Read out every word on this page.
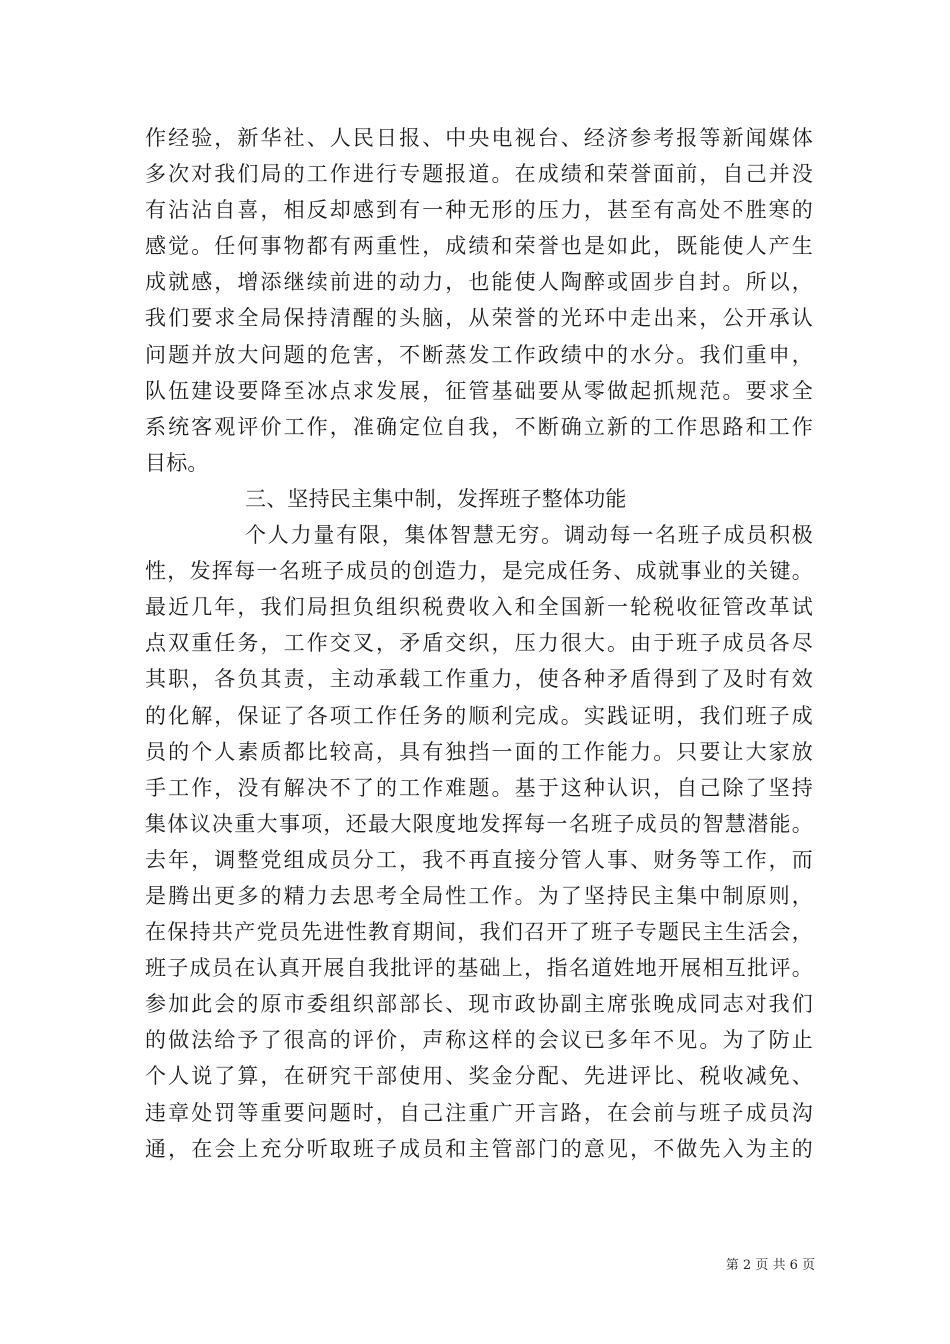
作经验，新华社、人民日报、中央电视台、经济参考报等新闻媒体
多次对我们局的工作进行专题报道。在成绩和荣誉面前，自己并没
有沾沾自喜，相反却感到有一种无形的压力，甚至有高处不胜寒的
感觉。任何事物都有两重性，成绩和荣誉也是如此，既能使人产生
成就感，增添继续前进的动力，也能使人陶醉或固步自封。所以，
我们要求全局保持清醒的头脑，从荣誉的光环中走出来，公开承认
问题并放大问题的危害，不断蒸发工作政绩中的水分。我们重申，
队伍建设要降至冰点求发展，征管基础要从零做起抓规范。要求全
系统客观评价工作，准确定位自我，不断确立新的工作思路和工作
目标。
三、坚持民主集中制，发挥班子整体功能
个人力量有限，集体智慧无穷。调动每一名班子成员积极
性，发挥每一名班子成员的创造力，是完成任务、成就事业的关键。
最近几年，我们局担负组织税费收入和全国新一轮税收征管改革试
点双重任务，工作交叉，矛盾交织，压力很大。由于班子成员各尽
其职，各负其责，主动承载工作重力，使各种矛盾得到了及时有效
的化解，保证了各项工作任务的顺利完成。实践证明，我们班子成
员的个人素质都比较高，具有独挡一面的工作能力。只要让大家放
手工作，没有解决不了的工作难题。基于这种认识，自己除了坚持
集体议决重大事项，还最大限度地发挥每一名班子成员的智慧潜能。
去年，调整党组成员分工，我不再直接分管人事、财务等工作，而
是腾出更多的精力去思考全局性工作。为了坚持民主集中制原则，
在保持共产党员先进性教育期间，我们召开了班子专题民主生活会，
班子成员在认真开展自我批评的基础上，指名道姓地开展相互批评。
参加此会的原市委组织部部长、现市政协副主席张晚成同志对我们
的做法给予了很高的评价，声称这样的会议已多年不见。为了防止
个人说了算，在研究干部使用、奖金分配、先进评比、税收减免、
违章处罚等重要问题时，自己注重广开言路，在会前与班子成员沟
通，在会上充分听取班子成员和主管部门的意见，不做先入为主的
第 2 页 共 6 页
